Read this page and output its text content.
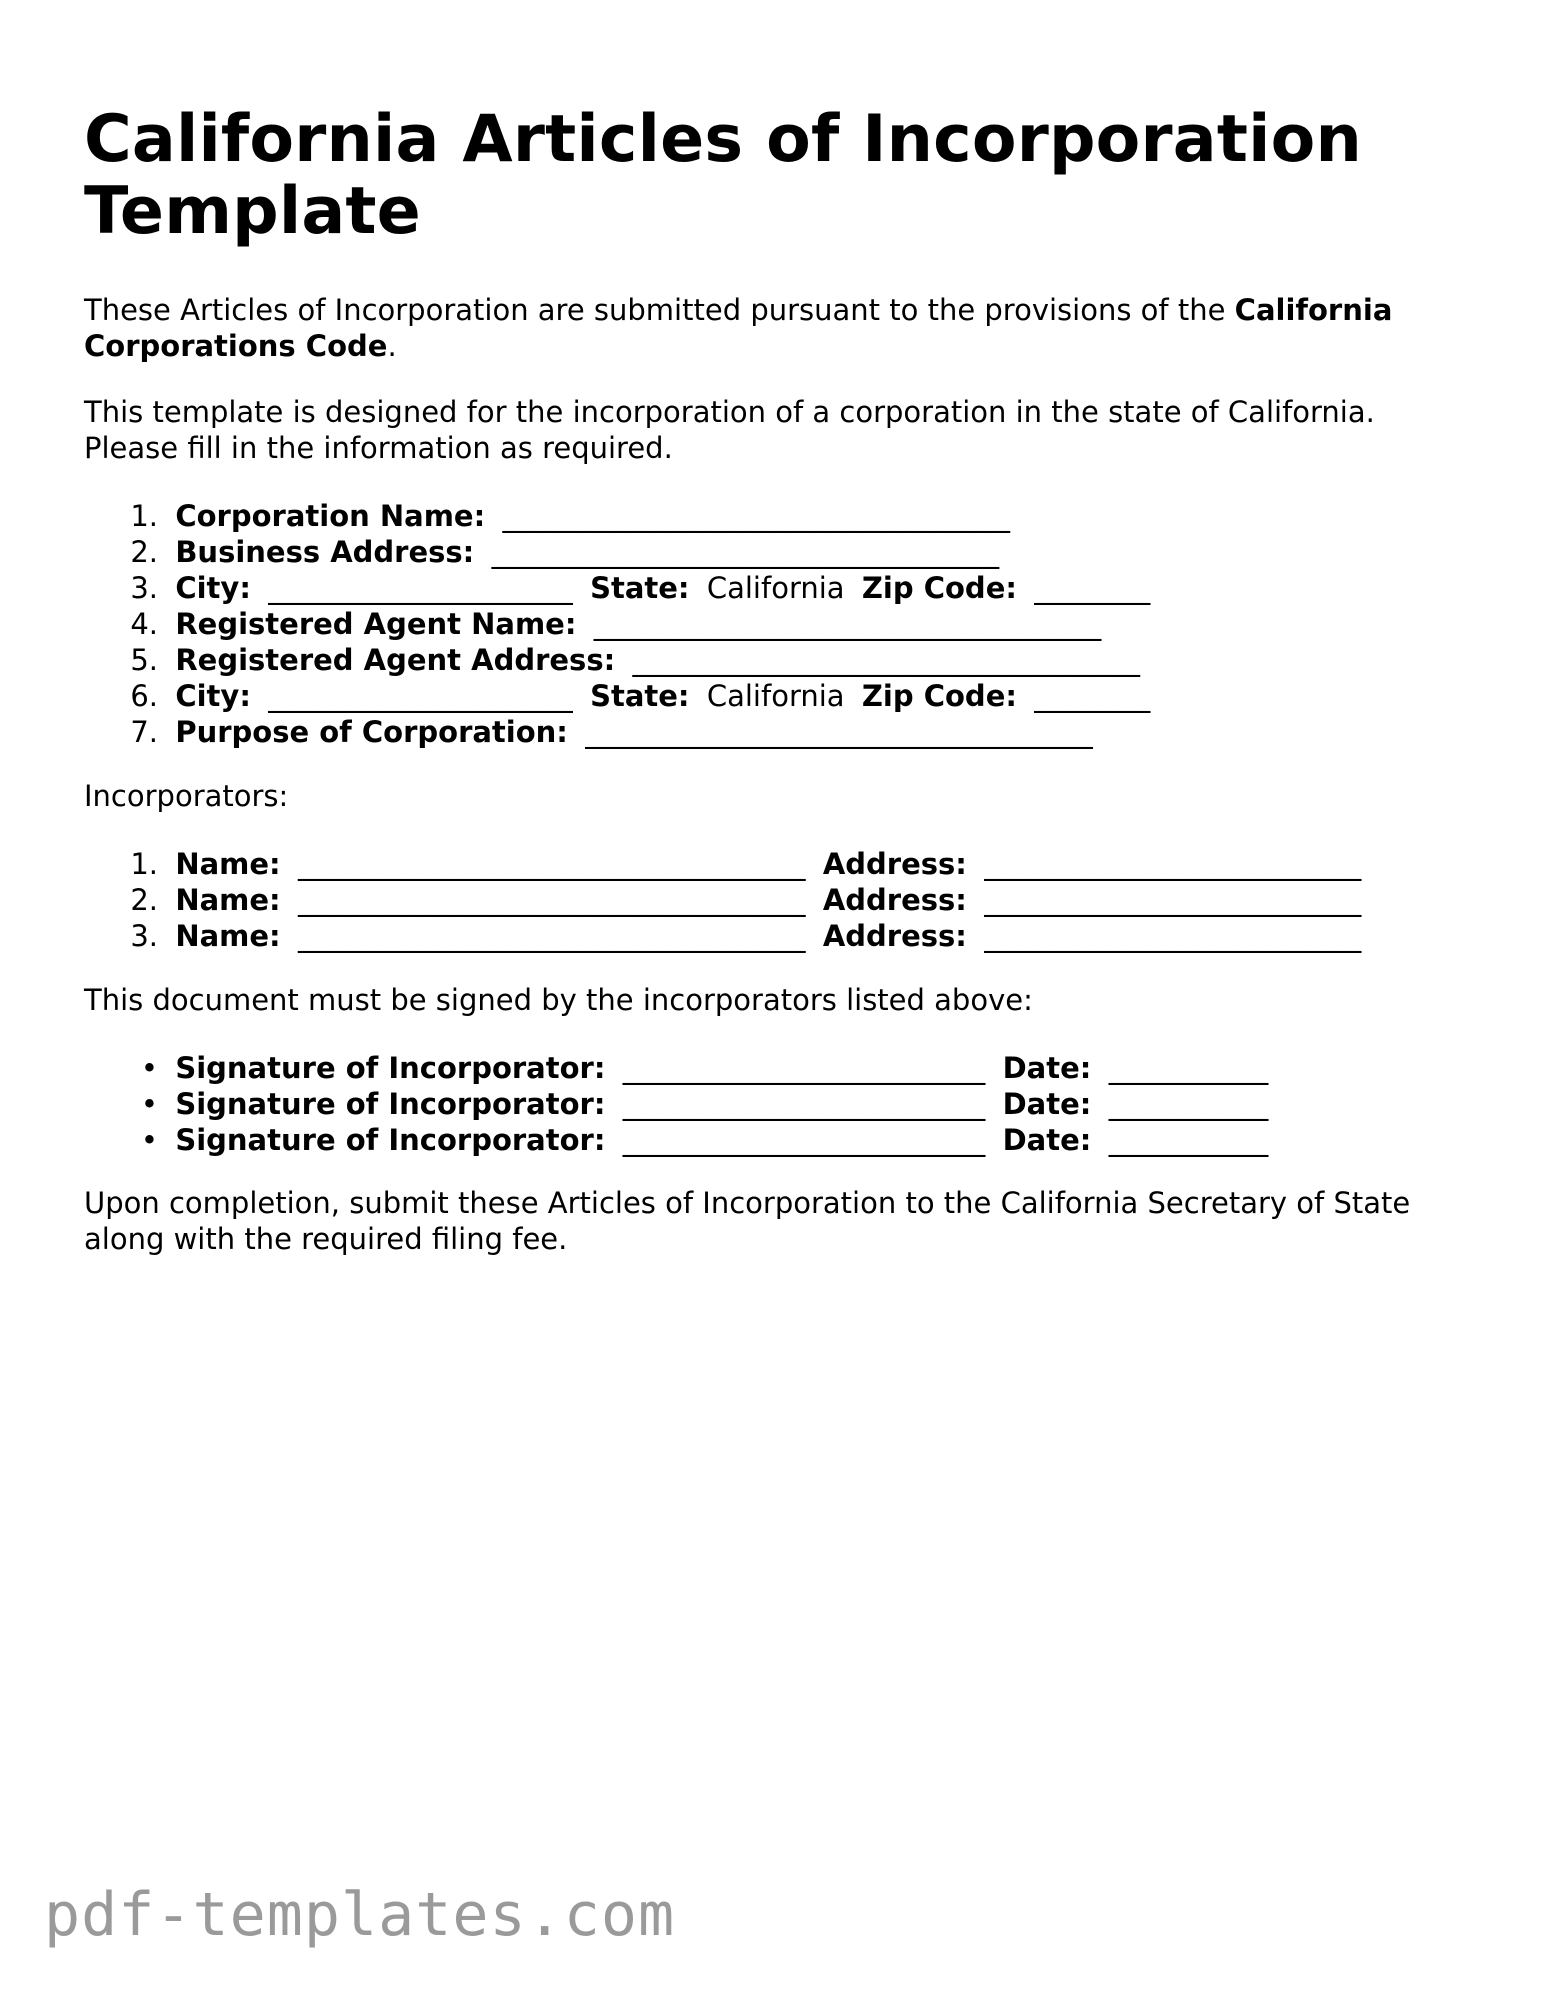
California Articles of Incorporation Template

These Articles of Incorporation are submitted pursuant to the provisions of the California Corporations Code.

This template is designed for the incorporation of a corporation in the state of California. Please fill in the information as required.

1. Corporation Name: ___________________________________
2. Business Address: ___________________________________
3. City: _____________________ State: California Zip Code: ________
4. Registered Agent Name: ___________________________________
5. Registered Agent Address: ___________________________________
6. City: _____________________ State: California Zip Code: ________
7. Purpose of Corporation: ___________________________________

Incorporators:

1. Name: ___________________________________ Address: __________________________
2. Name: ___________________________________ Address: __________________________
3. Name: ___________________________________ Address: __________________________

This document must be signed by the incorporators listed above:

• Signature of Incorporator: _________________________ Date: ___________
• Signature of Incorporator: _________________________ Date: ___________
• Signature of Incorporator: _________________________ Date: ___________

Upon completion, submit these Articles of Incorporation to the California Secretary of State along with the required filing fee.

pdf-templates.com
